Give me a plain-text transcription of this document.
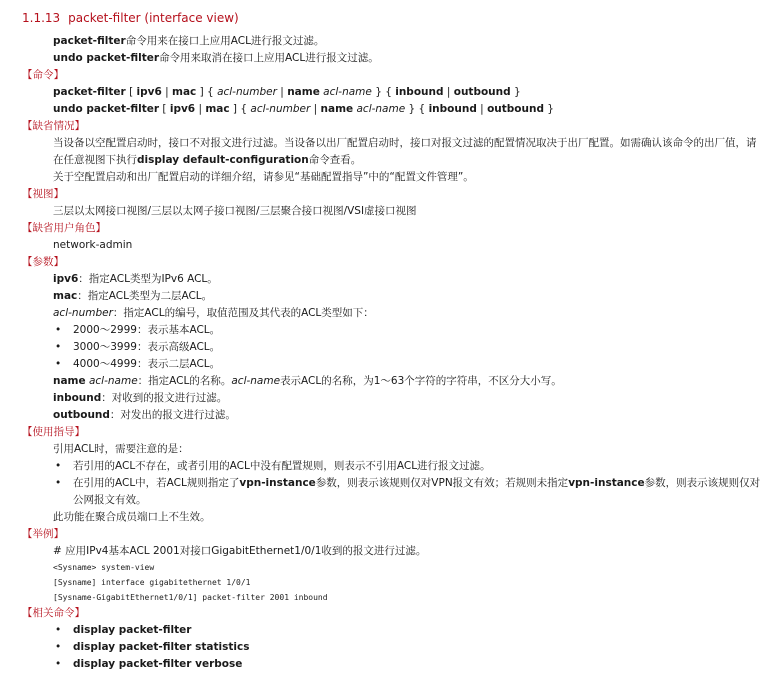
1.1.13 packet-filter (interface view)

packet-filter命令用来在接口上应用ACL进行报文过滤。

undo packet-filter命令用来取消在接口上应用ACL进行报文过滤。

【命令】

packet-filter [ ipv6 | mac ] { acl-number | name acl-name } { inbound | outbound }

undo packet-filter [ ipv6 | mac ] { acl-number | name acl-name } { inbound | outbound }

【缺省情况】

当设备以空配置启动时，接口不对报文进行过滤。当设备以出厂配置启动时，接口对报文过滤的配置情况取决于出厂配置。如需确认该命令的出厂值，请在任意视图下执行display default-configuration命令查看。

关于空配置启动和出厂配置启动的详细介绍，请参见“基础配置指导”中的“配置文件管理”。

【视图】

三层以太网接口视图/三层以太网子接口视图/三层聚合接口视图/VSI虚接口视图

【缺省用户角色】

network-admin

【参数】

ipv6：指定ACL类型为IPv6 ACL。

mac：指定ACL类型为二层ACL。

acl-number：指定ACL的编号，取值范围及其代表的ACL类型如下：

• 2000～2999：表示基本ACL。
• 3000～3999：表示高级ACL。
• 4000～4999：表示二层ACL。

name acl-name：指定ACL的名称。acl-name表示ACL的名称，为1～63个字符的字符串，不区分大小写。

inbound：对收到的报文进行过滤。

outbound：对发出的报文进行过滤。

【使用指导】

引用ACL时，需要注意的是：

• 若引用的ACL不存在，或者引用的ACL中没有配置规则，则表示不引用ACL进行报文过滤。
• 在引用的ACL中，若ACL规则指定了vpn-instance参数，则表示该规则仅对VPN报文有效；若规则未指定vpn-instance参数，则表示该规则仅对公网报文有效。

此功能在聚合成员端口上不生效。

【举例】

# 应用IPv4基本ACL 2001对接口GigabitEthernet1/0/1收到的报文进行过滤。

<Sysname> system-view

[Sysname] interface gigabitethernet 1/0/1

[Sysname-GigabitEthernet1/0/1] packet-filter 2001 inbound

【相关命令】

• display packet-filter
• display packet-filter statistics
• display packet-filter verbose
